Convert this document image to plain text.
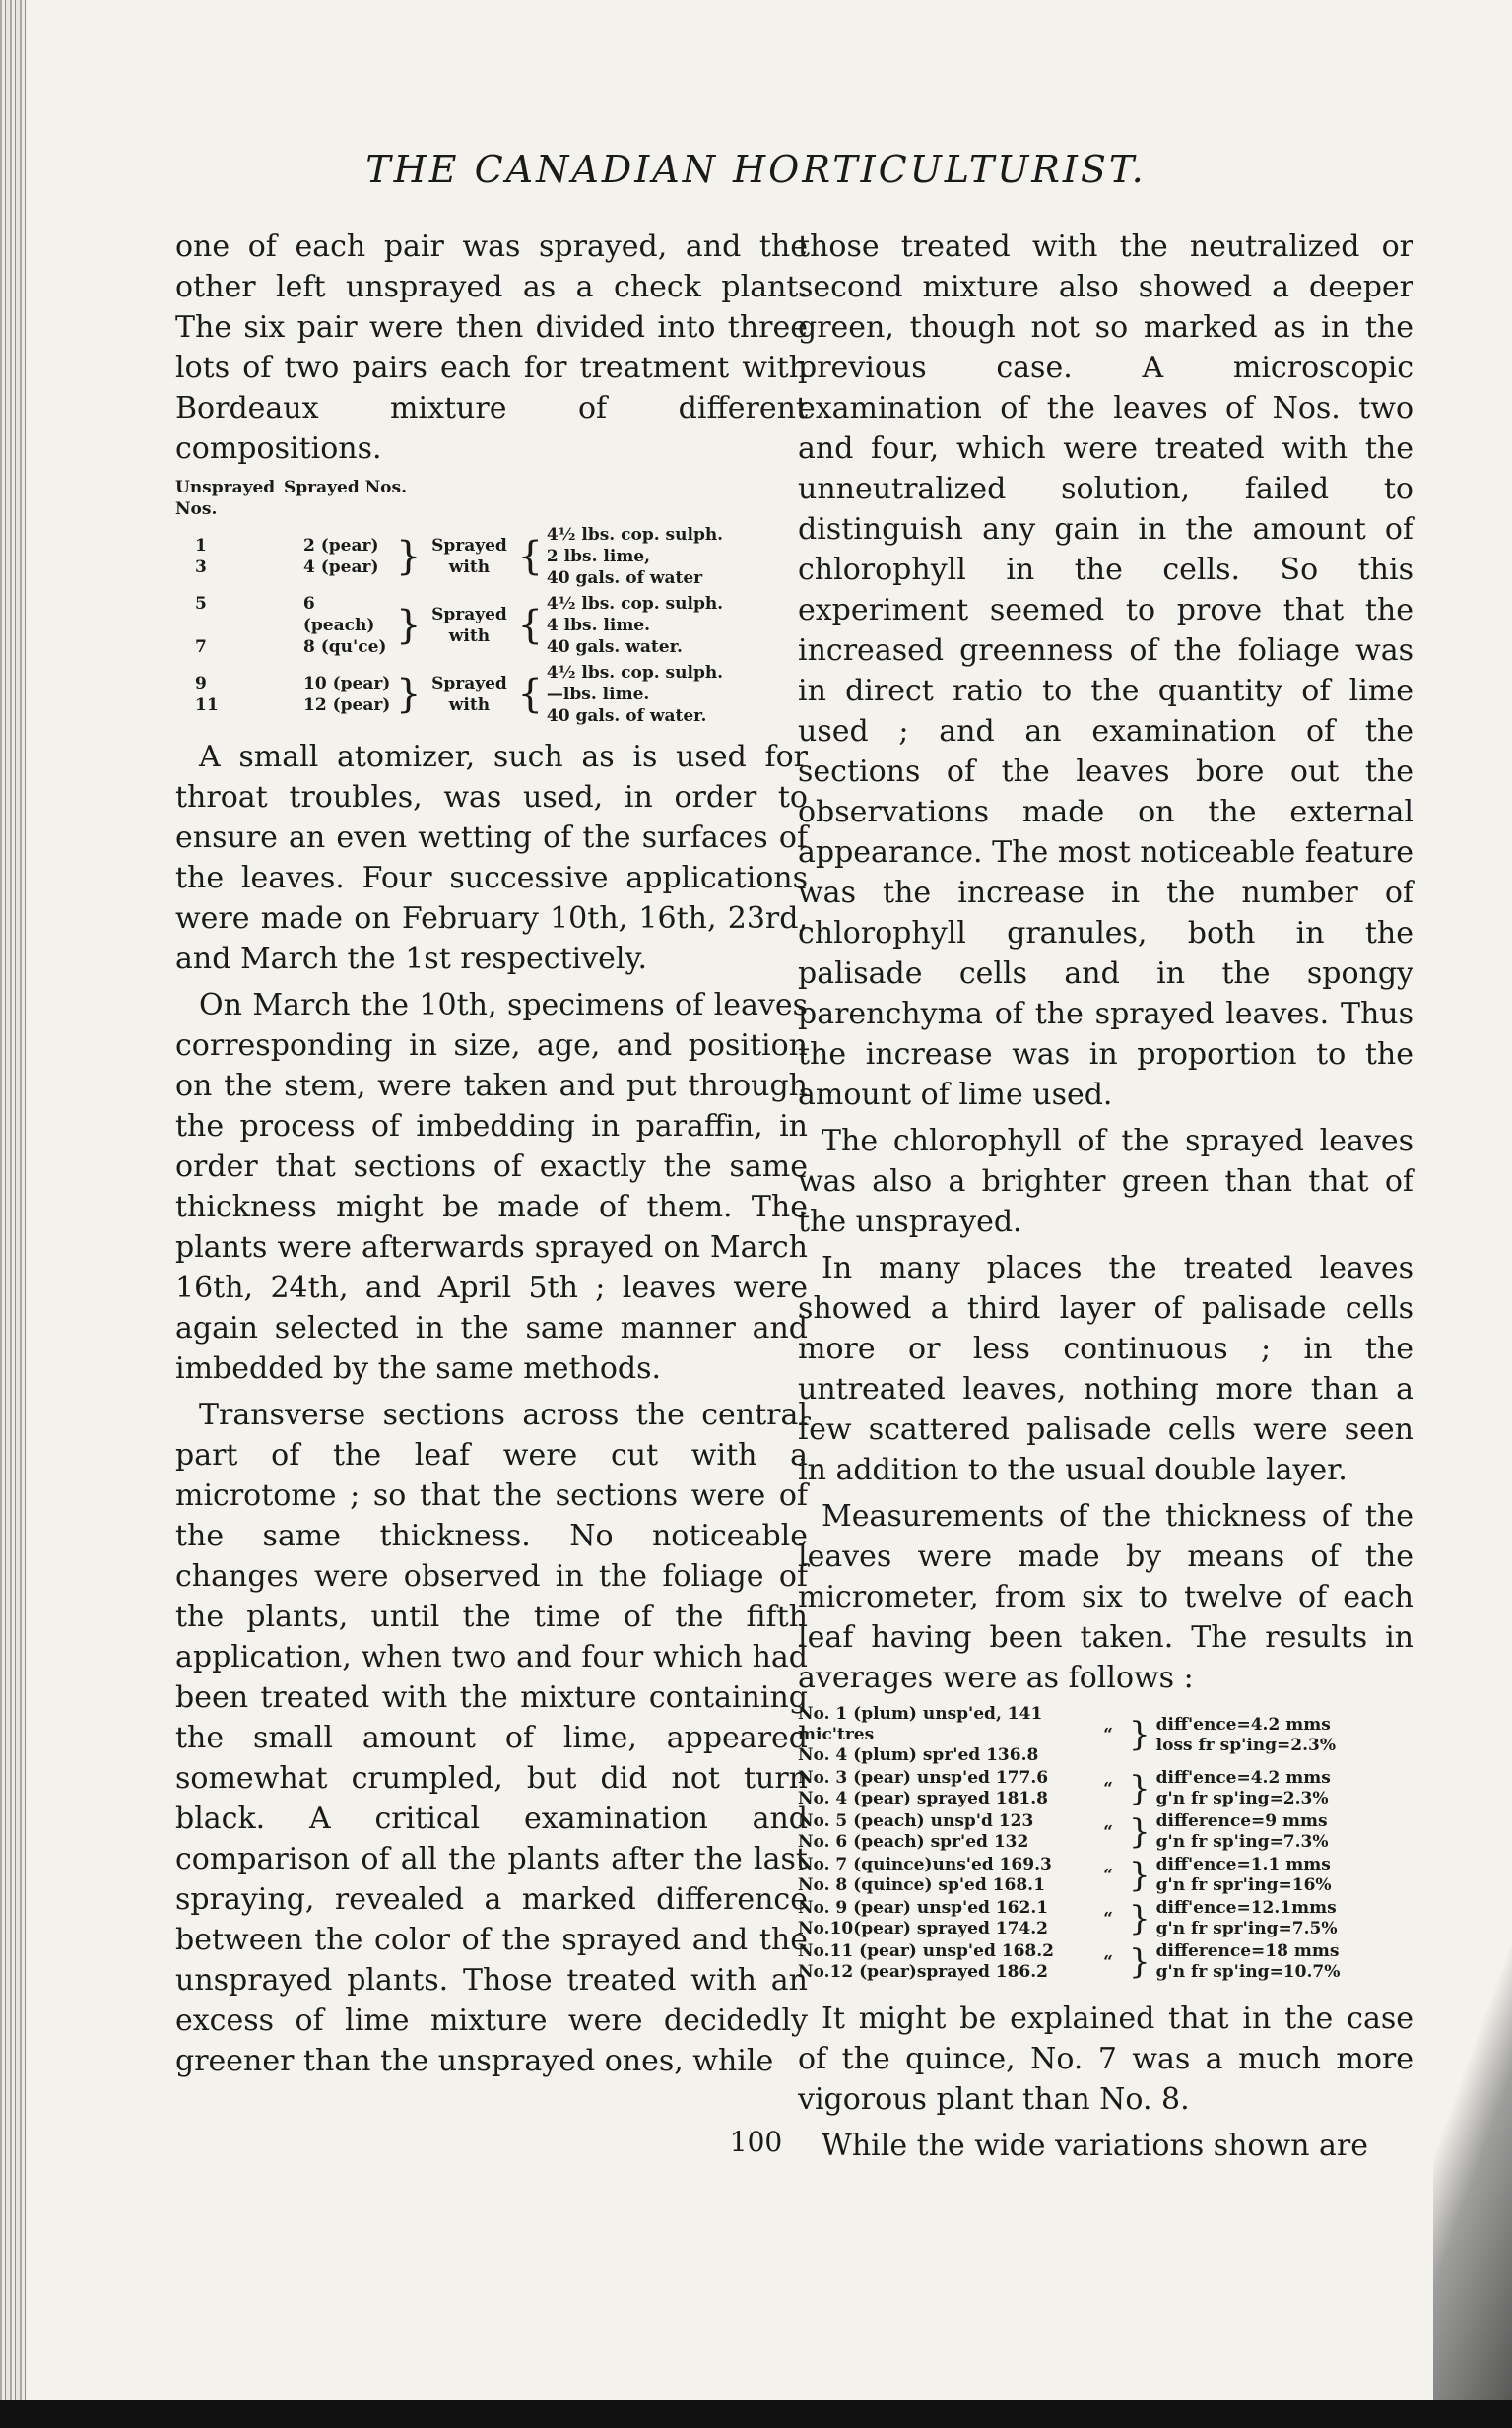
THE CANADIAN HORTICULTURIST.

one of each pair was sprayed, and the other left unsprayed as a check plant. The six pair were then divided into three lots of two pairs each for treatment with Bordeaux mixture of different compositions.

Unsprayed Nos.
Sprayed Nos.
1	2 (pear)
3	4 (pear) } Sprayed with { 4½ lbs. cop. sulph.
2 lbs. lime,
40 gals. of water
5	6 (peach)
7	8 (qu'ce) } Sprayed with { 4½ lbs. cop. sulph.
4 lbs. lime.
40 gals. water.
9	10 (pear)
11	12 (pear) } Sprayed with { 4½ lbs. cop. sulph.
—lbs. lime.
40 gals. of water.

A small atomizer, such as is used for throat troubles, was used, in order to ensure an even wetting of the surfaces of the leaves. Four successive applications were made on February 10th, 16th, 23rd, and March the 1st respectively.

On March the 10th, specimens of leaves corresponding in size, age, and position on the stem, were taken and put through the process of imbedding in paraffin, in order that sections of exactly the same thickness might be made of them. The plants were afterwards sprayed on March 16th, 24th, and April 5th ; leaves were again selected in the same manner and imbedded by the same methods.

Transverse sections across the central part of the leaf were cut with a microtome ; so that the sections were of the same thickness. No noticeable changes were observed in the foliage of the plants, until the time of the fifth application, when two and four which had been treated with the mixture containing the small amount of lime, appeared somewhat crumpled, but did not turn black. A critical examination and comparison of all the plants after the last spraying, revealed a marked difference between the color of the sprayed and the unsprayed plants. Those treated with an excess of lime mixture were decidedly greener than the unsprayed ones, while

those treated with the neutralized or second mixture also showed a deeper green, though not so marked as in the previous case. A microscopic examination of the leaves of Nos. two and four, which were treated with the unneutralized solution, failed to distinguish any gain in the amount of chlorophyll in the cells. So this experiment seemed to prove that the increased greenness of the foliage was in direct ratio to the quantity of lime used ; and an examination of the sections of the leaves bore out the observations made on the external appearance. The most noticeable feature was the increase in the number of chlorophyll granules, both in the palisade cells and in the spongy parenchyma of the sprayed leaves. Thus the increase was in proportion to the amount of lime used.

The chlorophyll of the sprayed leaves was also a brighter green than that of the unsprayed.

In many places the treated leaves showed a third layer of palisade cells more or less continuous ; in the untreated leaves, nothing more than a few scattered palisade cells were seen in addition to the usual double layer.

Measurements of the thickness of the leaves were made by means of the micrometer, from six to twelve of each leaf having been taken. The results in averages were as follows :

No. 1 (plum) unsp'ed, 141 mic'tres
No. 4 (plum) spr'ed 136.8
“ } diff'ence=4.2 mms
loss fr sp'ing=2.3%
No. 3 (pear) unsp'ed 177.6
No. 4 (pear) sprayed 181.8
“ } diff'ence=4.2 mms
g'n fr sp'ing=2.3%
No. 5 (peach) unsp'd 123
No. 6 (peach) spr'ed 132
“ } difference=9 mms
g'n fr sp'ing=7.3%
No. 7 (quince)uns'ed 169.3
No. 8 (quince) sp'ed 168.1
“ } diff'ence=1.1 mms
g'n fr spr'ing=16%
No. 9 (pear) unsp'ed 162.1
No.10(pear) sprayed 174.2
“ } diff'ence=12.1mms
g'n fr spr'ing=7.5%
No.11 (pear) unsp'ed 168.2
No.12 (pear)sprayed 186.2
“ } difference=18 mms
g'n fr sp'ing=10.7%

It might be explained that in the case of the quince, No. 7 was a much more vigorous plant than No. 8.

While the wide variations shown are

100
